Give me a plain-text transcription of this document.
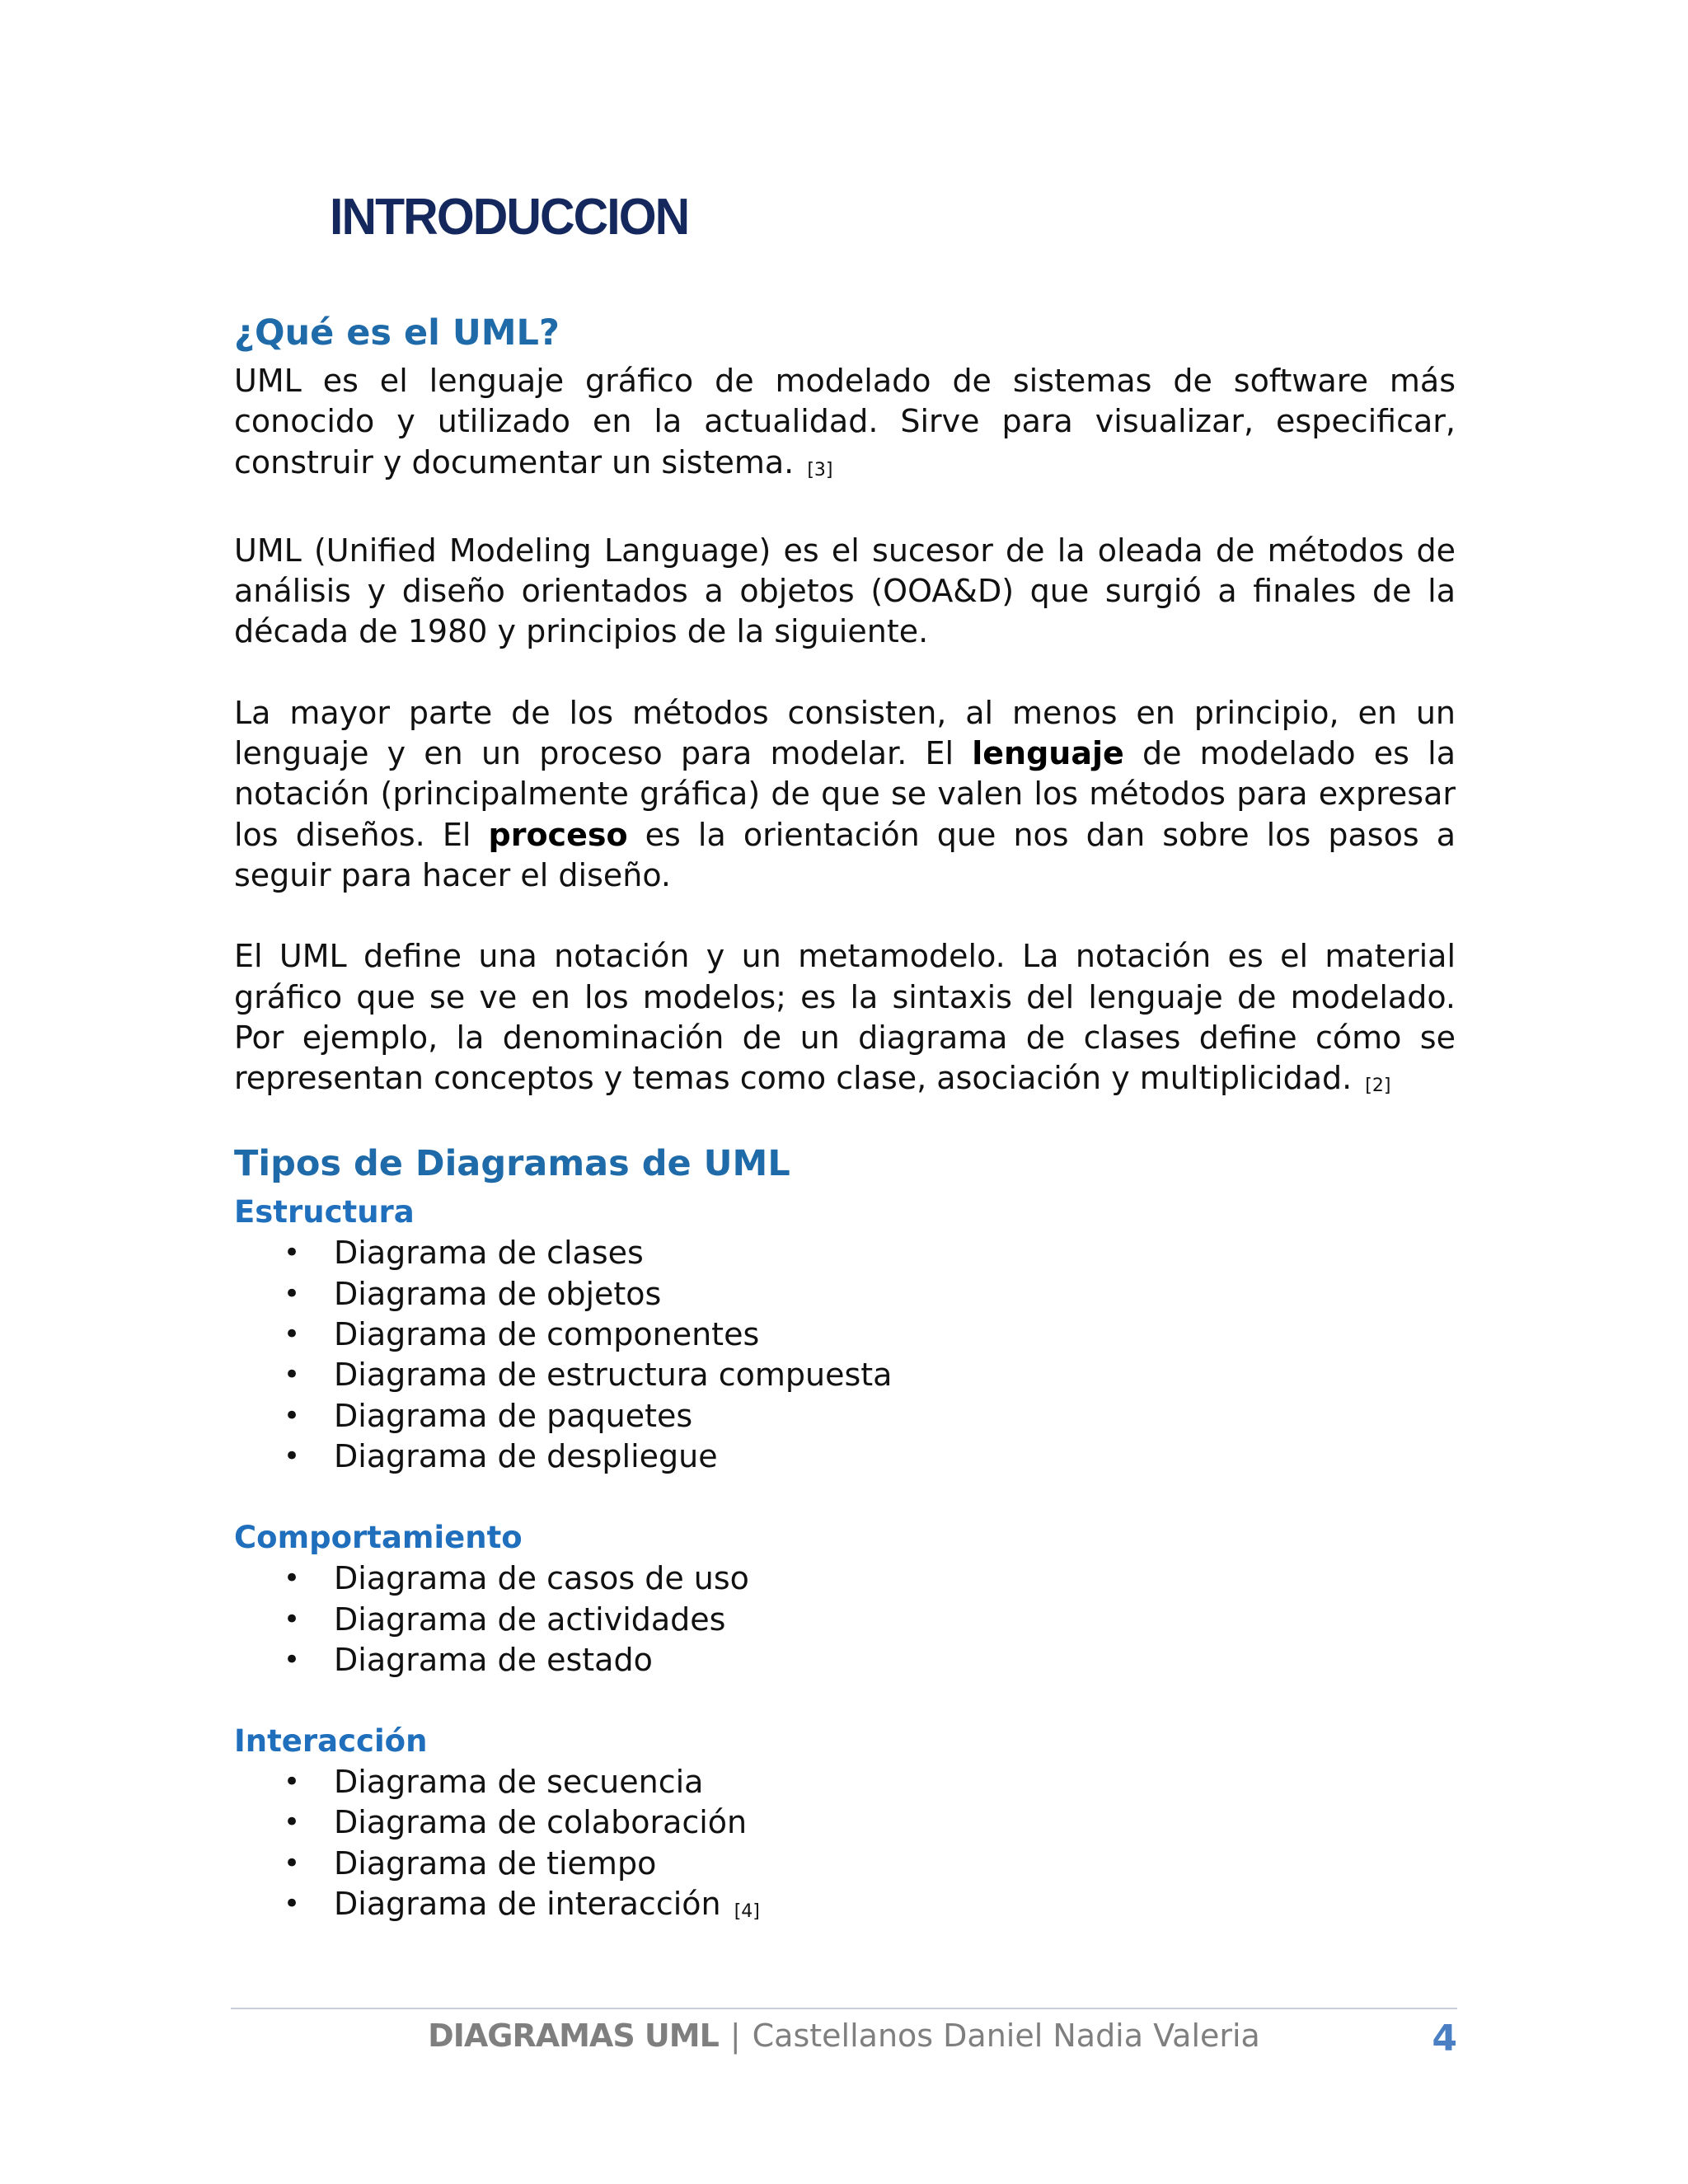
INTRODUCCION
¿Qué es el UML?

UML es el lenguaje gráfico de modelado de sistemas de software más conocido y utilizado en la actualidad. Sirve para visualizar, especificar, construir y documentar un sistema. [3]

UML (Unified Modeling Language) es el sucesor de la oleada de métodos de análisis y diseño orientados a objetos (OOA&D) que surgió a finales de la década de 1980 y principios de la siguiente.

La mayor parte de los métodos consisten, al menos en principio, en un lenguaje y en un proceso para modelar. El lenguaje de modelado es la notación (principalmente gráfica) de que se valen los métodos para expresar los diseños. El proceso es la orientación que nos dan sobre los pasos a seguir para hacer el diseño.

El UML define una notación y un metamodelo. La notación es el material gráfico que se ve en los modelos; es la sintaxis del lenguaje de modelado. Por ejemplo, la denominación de un diagrama de clases define cómo se representan conceptos y temas como clase, asociación y multiplicidad. [2]

Tipos de Diagramas de UML
Estructura
• Diagrama de clases
• Diagrama de objetos
• Diagrama de componentes
• Diagrama de estructura compuesta
• Diagrama de paquetes
• Diagrama de despliegue
Comportamiento
• Diagrama de casos de uso
• Diagrama de actividades
• Diagrama de estado
Interacción
• Diagrama de secuencia
• Diagrama de colaboración
• Diagrama de tiempo
• Diagrama de interacción [4]
DIAGRAMAS UML | Castellanos Daniel Nadia Valeria	4
